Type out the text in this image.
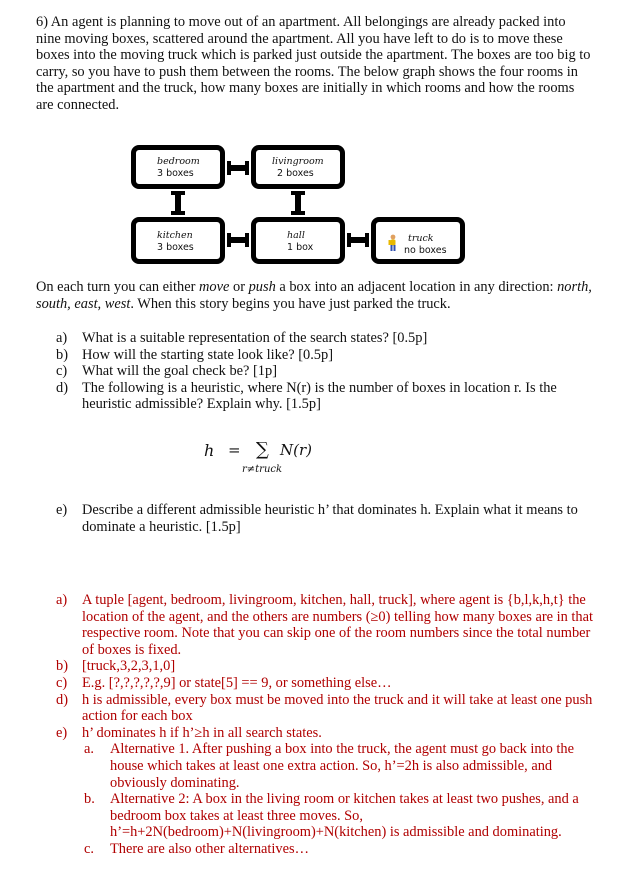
6) An agent is planning to move out of an apartment. All belongings are already packed into nine moving boxes, scattered around the apartment. All you have left to do is to move these boxes into the moving truck which is parked just outside the apartment. The boxes are too big to carry, so you have to push them between the rooms. The below graph shows the four rooms in the apartment and the truck, how many boxes are initially in which rooms and how the rooms are connected.
bedroom
3 boxes
livingroom
2 boxes
kitchen
3 boxes
hall
1 box
truck
no boxes
On each turn you can either move or push a box into an adjacent location in any direction: north, south, east, west. When this story begins you have just parked the truck.
a) What is a suitable representation of the search states? [0.5p]
b) How will the starting state look like? [0.5p]
c) What will the goal check be? [1p]
d) The following is a heuristic, where N(r) is the number of boxes in location r. Is the heuristic admissible? Explain why. [1.5p]
h = ∑ N(r)
r≠truck
e) Describe a different admissible heuristic h’ that dominates h. Explain what it means to dominate a heuristic. [1.5p]
a) A tuple [agent, bedroom, livingroom, kitchen, hall, truck], where agent is {b,l,k,h,t} the location of the agent, and the others are numbers (≥0) telling how many boxes are in that respective room. Note that you can skip one of the room numbers since the total number of boxes is fixed.
b) [truck,3,2,3,1,0]
c) E.g. [?,?,?,?,?,9] or state[5] == 9, or something else…
d) h is admissible, every box must be moved into the truck and it will take at least one push action for each box
e) h’ dominates h if h’≥h in all search states.
a. Alternative 1. After pushing a box into the truck, the agent must go back into the house which takes at least one extra action. So, h’=2h is also admissible, and obviously dominating.
b. Alternative 2: A box in the living room or kitchen takes at least two pushes, and a bedroom box takes at least three moves. So, h’=h+2N(bedroom)+N(livingroom)+N(kitchen) is admissible and dominating.
c. There are also other alternatives…
